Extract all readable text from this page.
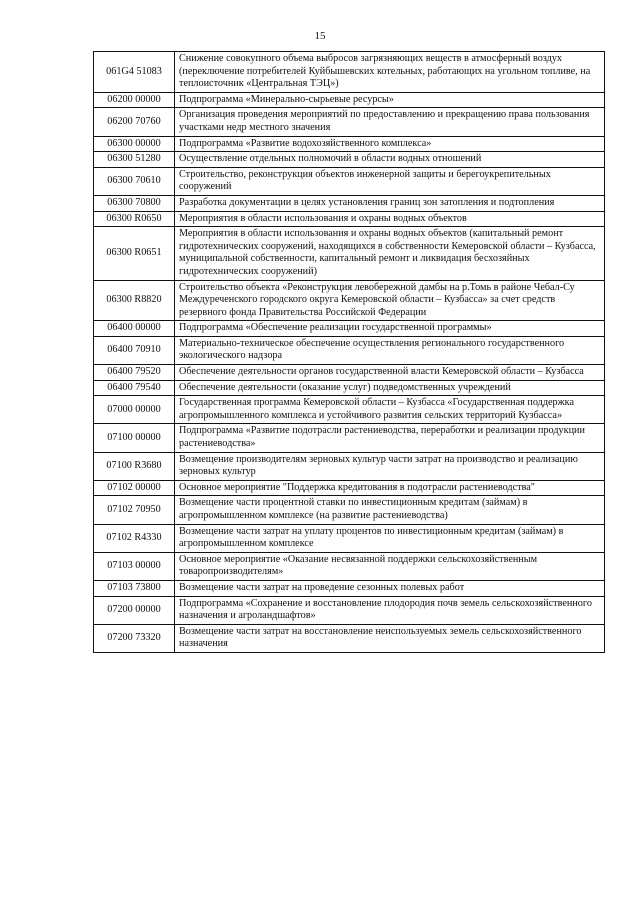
15
061G4 51083	Снижение совокупного объема выбросов загрязняющих веществ в атмосферный воздух (переключение потребителей Куйбышевских котельных, работающих на угольном топливе, на теплоисточник «Центральная ТЭЦ»)
06200 00000	Подпрограмма «Минерально-сырьевые ресурсы»
06200 70760	Организация проведения мероприятий по предоставлению и прекращению права пользования участками недр местного значения
06300 00000	Подпрограмма «Развитие водохозяйственного комплекса»
06300 51280	Осуществление отдельных полномочий в области водных отношений
06300 70610	Строительство, реконструкция объектов инженерной защиты и берегоукрепительных сооружений
06300 70800	Разработка документации в целях установления границ зон затопления и подтопления
06300 R0650	Мероприятия в области использования и охраны водных объектов
06300 R0651	Мероприятия в области использования и охраны водных объектов (капитальный ремонт гидротехнических сооружений, находящихся в собственности Кемеровской области – Кузбасса, муниципальной собственности, капитальный ремонт и ликвидация бесхозяйных гидротехнических сооружений)
06300 R8820	Строительство объекта «Реконструкция левобережной дамбы на р.Томь в районе Чебал-Су Междуреченского городского округа Кемеровской области – Кузбасса» за счет средств резервного фонда Правительства Российской Федерации
06400 00000	Подпрограмма «Обеспечение реализации государственной программы»
06400 70910	Материально-техническое обеспечение осуществления регионального государственного экологического надзора
06400 79520	Обеспечение деятельности органов государственной власти Кемеровской области – Кузбасса
06400 79540	Обеспечение деятельности (оказание услуг) подведомственных учреждений
07000 00000	Государственная программа Кемеровской области – Кузбасса «Государственная поддержка агропромышленного комплекса и устойчивого развития сельских территорий Кузбасса»
07100 00000	Подпрограмма «Развитие подотрасли растениеводства, переработки и реализации продукции растениеводства»
07100 R3680	Возмещение производителям зерновых культур части затрат на производство и реализацию зерновых культур
07102 00000	Основное мероприятие "Поддержка кредитования в подотрасли растениеводства"
07102 70950	Возмещение части процентной ставки по инвестиционным кредитам (займам) в агропромышленном комплексе (на развитие растениеводства)
07102 R4330	Возмещение части затрат на уплату процентов по инвестиционным кредитам (займам) в агропромышленном комплексе
07103 00000	Основное мероприятие «Оказание несвязанной поддержки сельскохозяйственным товаропроизводителям»
07103 73800	Возмещение части затрат на проведение сезонных полевых работ
07200 00000	Подпрограмма «Сохранение и восстановление плодородия почв земель сельскохозяйственного назначения и агроландшафтов»
07200 73320	Возмещение части затрат на восстановление неиспользуемых земель сельскохозяйственного назначения
